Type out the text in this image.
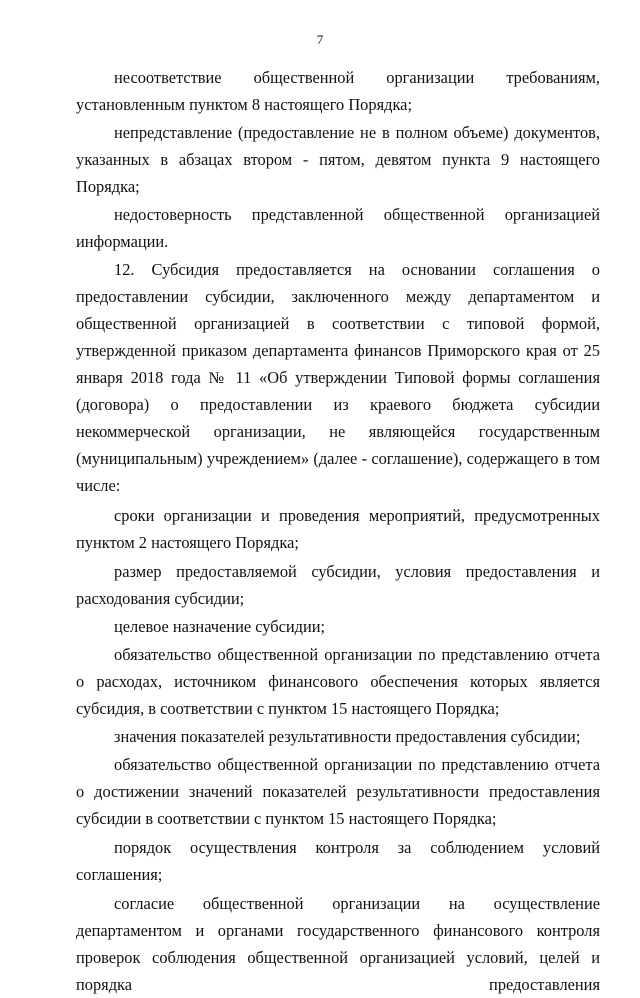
7

несоответствие общественной организации требованиям, установленным пунктом 8 настоящего Порядка;

непредставление (предоставление не в полном объеме) документов, указанных в абзацах втором - пятом, девятом пункта 9 настоящего Порядка;

недостоверность представленной общественной организацией информации.

12. Субсидия предоставляется на основании соглашения о предоставлении субсидии, заключенного между департаментом и общественной организацией в соответствии с типовой формой, утвержденной приказом департамента финансов Приморского края от 25 января 2018 года № 11 «Об утверждении Типовой формы соглашения (договора) о предоставлении из краевого бюджета субсидии некоммерческой организации, не являющейся государственным (муниципальным) учреждением» (далее - соглашение), содержащего в том числе:

сроки организации и проведения мероприятий, предусмотренных пунктом 2 настоящего Порядка;

размер предоставляемой субсидии, условия предоставления и расходования субсидии;

целевое назначение субсидии;

обязательство общественной организации по представлению отчета о расходах, источником финансового обеспечения которых является субсидия, в соответствии с пунктом 15 настоящего Порядка;

значения показателей результативности предоставления субсидии;

обязательство общественной организации по представлению отчета о достижении значений показателей результативности предоставления субсидии в соответствии с пунктом 15 настоящего Порядка;

порядок осуществления контроля за соблюдением условий соглашения;

согласие общественной организации на осуществление департаментом и органами государственного финансового контроля проверок соблюдения общественной организацией условий, целей и порядка предоставления
